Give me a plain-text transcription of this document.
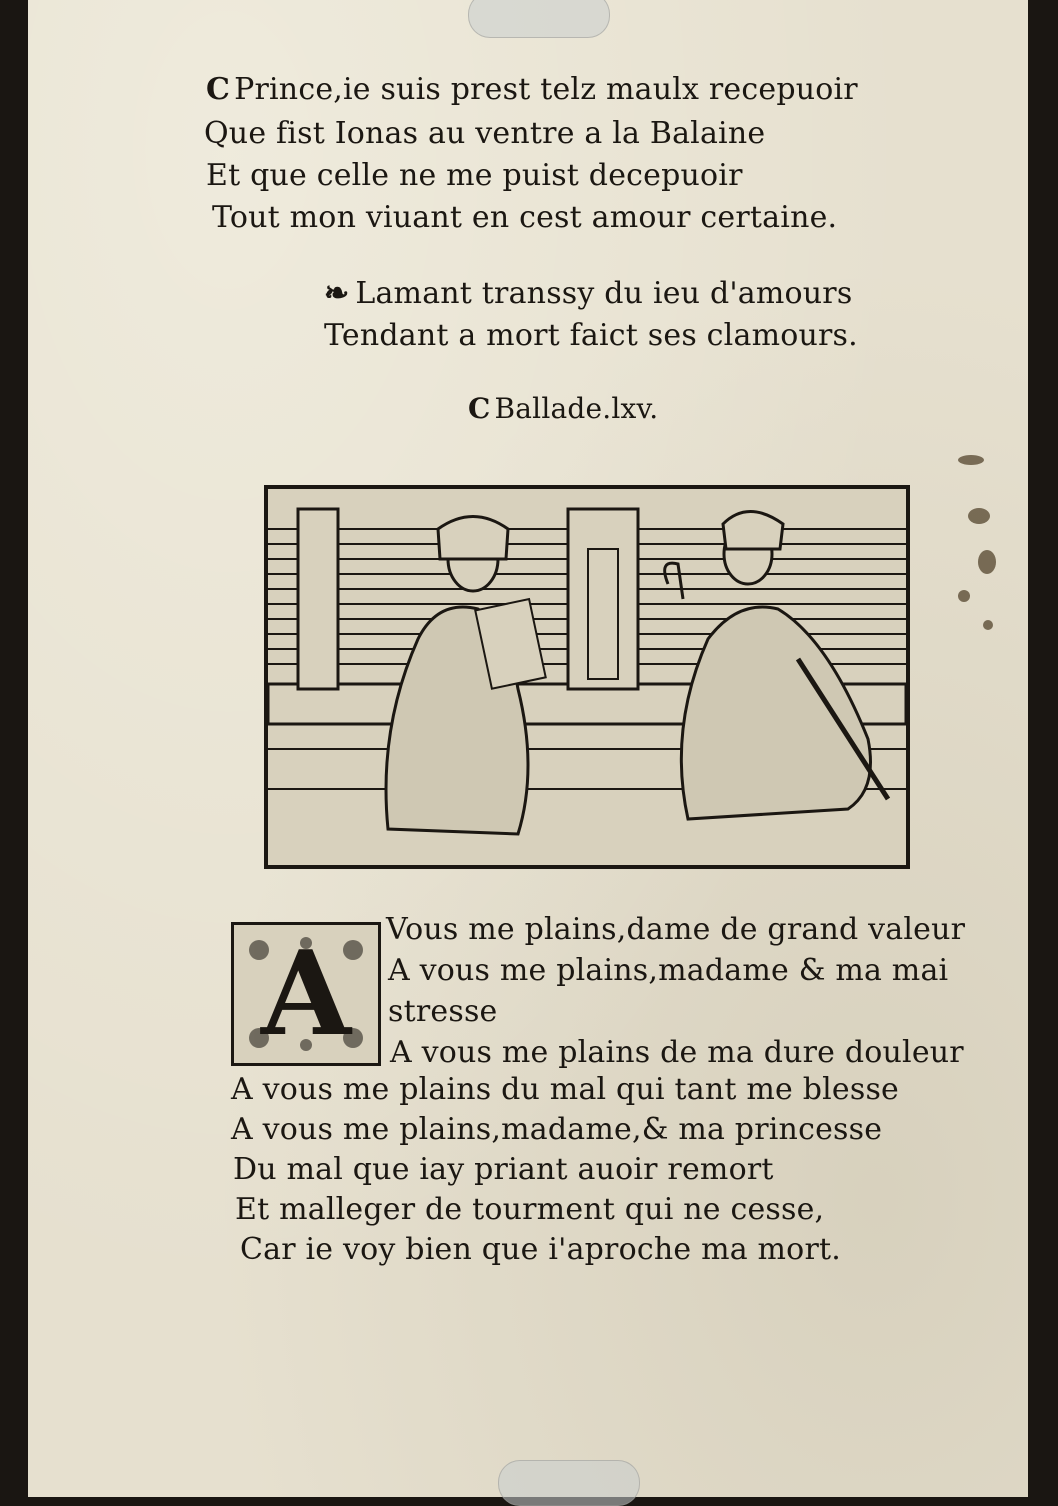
C Prince,ie suis prest telz maulx recepuoir
Que fist Ionas au ventre a la Balaine
Et que celle ne me puist decepuoir
Tout mon viuant en cest amour certaine.
❧ Lamant transsy du ieu d'amours
Tendant a mort faict ses clamours.
C Ballade.lxv.
A	Vous me plains,dame de grand valeur
A vous me plains,madame & ma mai
stresse
A vous me plains de ma dure douleur
A vous me plains du mal qui tant me blesse
A vous me plains,madame,& ma princesse
Du mal que iay priant auoir remort
Et malleger de tourment qui ne cesse,
Car ie voy bien que i'aproche ma mort.
